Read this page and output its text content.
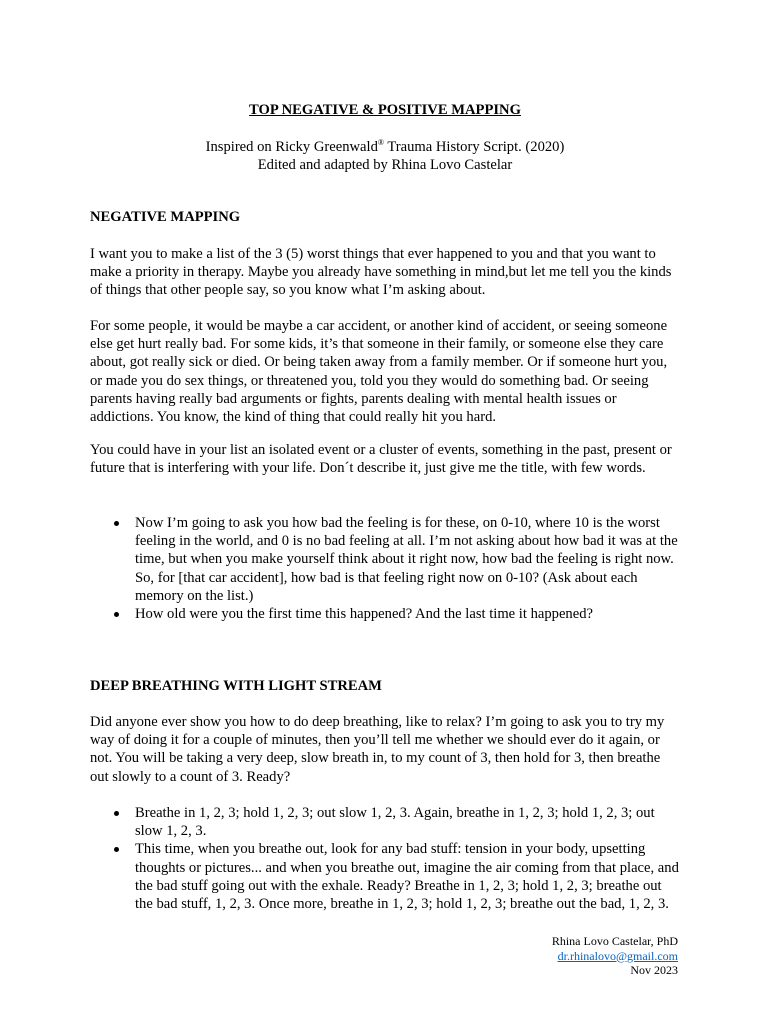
TOP NEGATIVE & POSITIVE MAPPING

Inspired on Ricky Greenwald® Trauma History Script. (2020)
Edited and adapted by Rhina Lovo Castelar

NEGATIVE MAPPING

I want you to make a list of the 3 (5) worst things that ever happened to you and that you want to make a priority in therapy. Maybe you already have something in mind,but let me tell you the kinds of things that other people say, so you know what I’m asking about.

For some people, it would be maybe a car accident, or another kind of accident, or seeing someone else get hurt really bad. For some kids, it’s that someone in their family, or someone else they care about, got really sick or died. Or being taken away from a family member. Or if someone hurt you, or made you do sex things, or threatened you, told you they would do something bad. Or seeing parents having really bad arguments or fights, parents dealing with mental health issues or addictions. You know, the kind of thing that could really hit you hard.

You could have in your list an isolated event or a cluster of events, something in the past, present or future that is interfering with your life. Don´t describe it, just give me the title, with few words.

Now I’m going to ask you how bad the feeling is for these, on 0-10, where 10 is the worst feeling in the world, and 0 is no bad feeling at all. I’m not asking about how bad it was at the time, but when you make yourself think about it right now, how bad the feeling is right now. So, for [that car accident], how bad is that feeling right now on 0-10? (Ask about each memory on the list.)
How old were you the first time this happened? And the last time it happened?

DEEP BREATHING WITH LIGHT STREAM

Did anyone ever show you how to do deep breathing, like to relax? I’m going to ask you to try my way of doing it for a couple of minutes, then you’ll tell me whether we should ever do it again, or not. You will be taking a very deep, slow breath in, to my count of 3, then hold for 3, then breathe out slowly to a count of 3. Ready?

Breathe in 1, 2, 3; hold 1, 2, 3; out slow 1, 2, 3. Again, breathe in 1, 2, 3; hold 1, 2, 3; out slow 1, 2, 3.
This time, when you breathe out, look for any bad stuff: tension in your body, upsetting thoughts or pictures... and when you breathe out, imagine the air coming from that place, and the bad stuff going out with the exhale. Ready? Breathe in 1, 2, 3; hold 1, 2, 3; breathe out the bad stuff, 1, 2, 3. Once more, breathe in 1, 2, 3; hold 1, 2, 3; breathe out the bad, 1, 2, 3.
Rhina Lovo Castelar, PhD
dr.rhinalovo@gmail.com
Nov 2023
